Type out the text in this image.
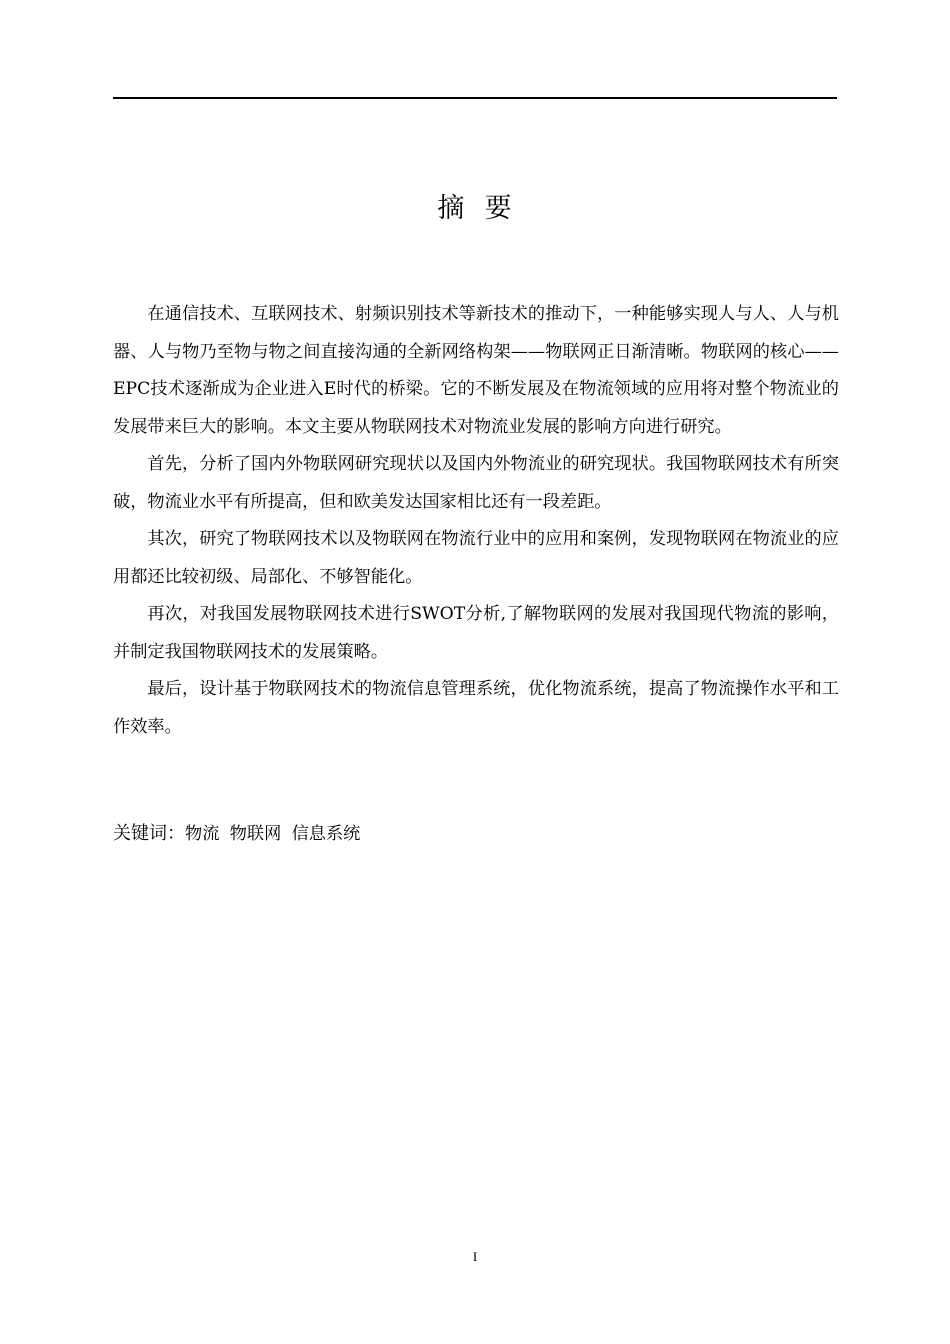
摘  要

在通信技术、互联网技术、射频识别技术等新技术的推动下，一种能够实现人与人、人与机器、人与物乃至物与物之间直接沟通的全新网络构架——物联网正日渐清晰。物联网的核心——EPC技术逐渐成为企业进入E时代的桥梁。它的不断发展及在物流领域的应用将对整个物流业的发展带来巨大的影响。本文主要从物联网技术对物流业发展的影响方向进行研究。

首先，分析了国内外物联网研究现状以及国内外物流业的研究现状。我国物联网技术有所突破，物流业水平有所提高，但和欧美发达国家相比还有一段差距。

其次，研究了物联网技术以及物联网在物流行业中的应用和案例，发现物联网在物流业的应用都还比较初级、局部化、不够智能化。

再次，对我国发展物联网技术进行SWOT分析,了解物联网的发展对我国现代物流的影响，并制定我国物联网技术的发展策略。

最后，设计基于物联网技术的物流信息管理系统，优化物流系统，提高了物流操作水平和工作效率。

关键词：物流 物联网 信息系统
I
